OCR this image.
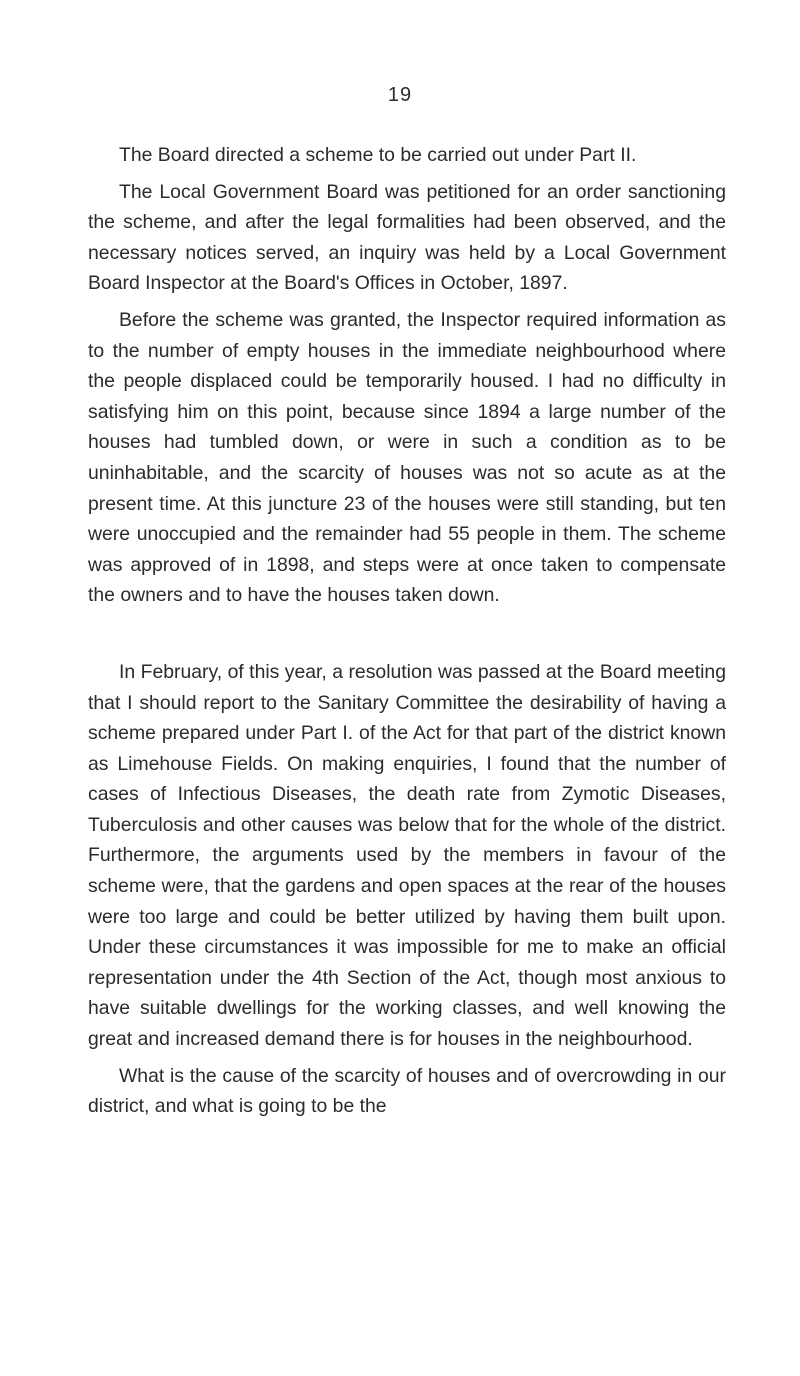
19

The Board directed a scheme to be carried out under Part II.

The Local Government Board was petitioned for an order sanctioning the scheme, and after the legal formalities had been observed, and the necessary notices served, an inquiry was held by a Local Government Board Inspector at the Board's Offices in October, 1897.

Before the scheme was granted, the Inspector required information as to the number of empty houses in the immediate neighbourhood where the people displaced could be temporarily housed. I had no difficulty in satisfying him on this point, because since 1894 a large number of the houses had tumbled down, or were in such a condition as to be uninhabitable, and the scarcity of houses was not so acute as at the present time. At this juncture 23 of the houses were still standing, but ten were unoccupied and the remainder had 55 people in them. The scheme was approved of in 1898, and steps were at once taken to compensate the owners and to have the houses taken down.

In February, of this year, a resolution was passed at the Board meeting that I should report to the Sanitary Committee the desirability of having a scheme prepared under Part I. of the Act for that part of the district known as Limehouse Fields. On making enquiries, I found that the number of cases of Infectious Diseases, the death rate from Zymotic Diseases, Tuberculosis and other causes was below that for the whole of the district. Furthermore, the arguments used by the members in favour of the scheme were, that the gardens and open spaces at the rear of the houses were too large and could be better utilized by having them built upon. Under these circumstances it was impossible for me to make an official representation under the 4th Section of the Act, though most anxious to have suitable dwellings for the working classes, and well knowing the great and increased demand there is for houses in the neighbourhood.

What is the cause of the scarcity of houses and of overcrowding in our district, and what is going to be the
